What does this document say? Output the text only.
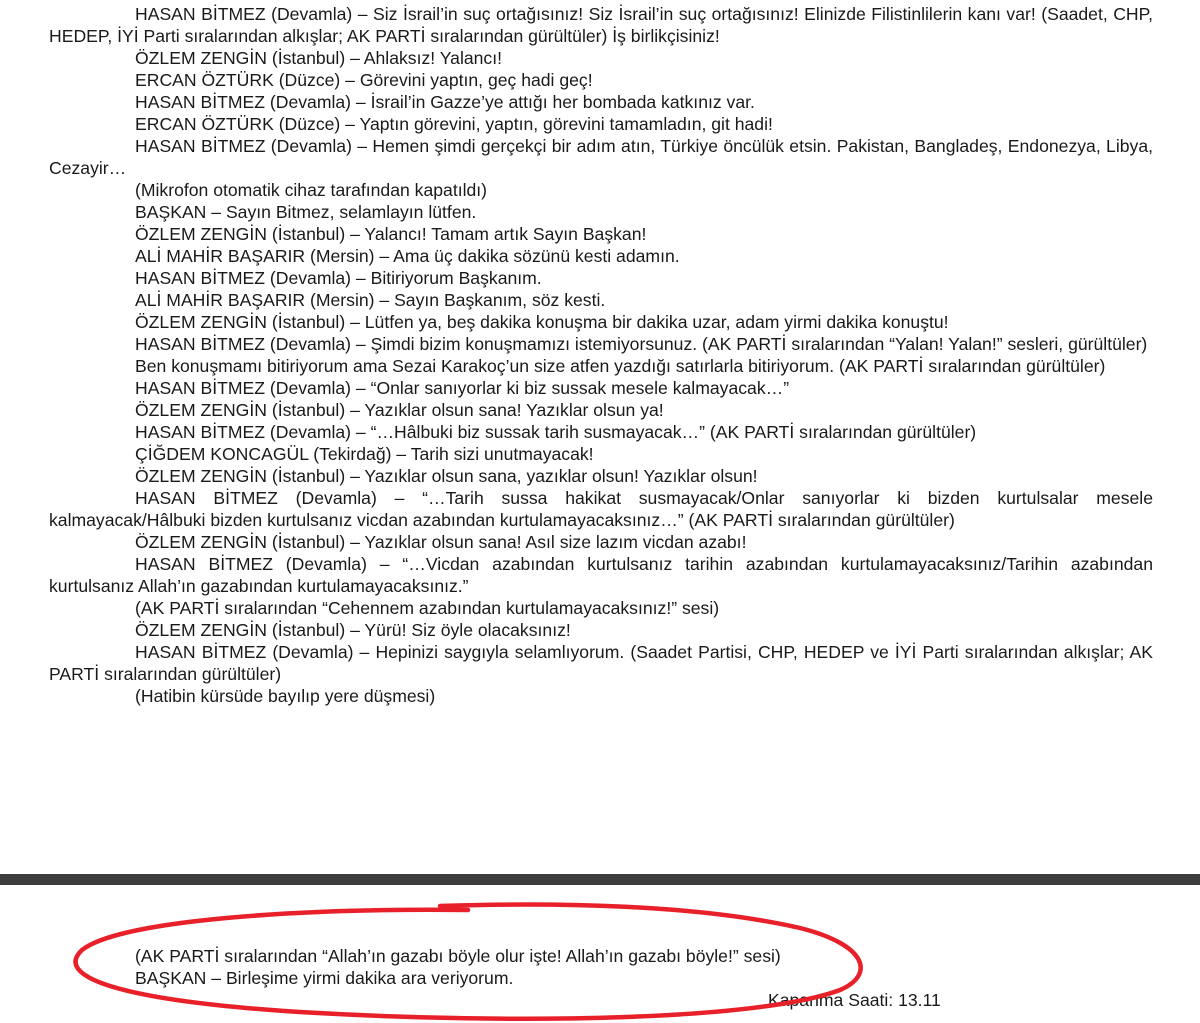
HASAN BİTMEZ (Devamla) – Siz İsrail’in suç ortağısınız! Siz İsrail’in suç ortağısınız! Elinizde Filistinlilerin kanı var! (Saadet, CHP, HEDEP, İYİ Parti sıralarından alkışlar; AK PARTİ sıralarından gürültüler) İş birlikçisiniz!

ÖZLEM ZENGİN (İstanbul) – Ahlaksız! Yalancı!

ERCAN ÖZTÜRK (Düzce) – Görevini yaptın, geç hadi geç!

HASAN BİTMEZ (Devamla) – İsrail’in Gazze’ye attığı her bombada katkınız var.

ERCAN ÖZTÜRK (Düzce) – Yaptın görevini, yaptın, görevini tamamladın, git hadi!

HASAN BİTMEZ (Devamla) – Hemen şimdi gerçekçi bir adım atın, Türkiye öncülük etsin. Pakistan, Bangladeş, Endonezya, Libya, Cezayir…

(Mikrofon otomatik cihaz tarafından kapatıldı)

BAŞKAN – Sayın Bitmez, selamlayın lütfen.

ÖZLEM ZENGİN (İstanbul) – Yalancı! Tamam artık Sayın Başkan!

ALİ MAHİR BAŞARIR (Mersin) – Ama üç dakika sözünü kesti adamın.

HASAN BİTMEZ (Devamla) – Bitiriyorum Başkanım.

ALİ MAHİR BAŞARIR (Mersin) – Sayın Başkanım, söz kesti.

ÖZLEM ZENGİN (İstanbul) – Lütfen ya, beş dakika konuşma bir dakika uzar, adam yirmi dakika konuştu!

HASAN BİTMEZ (Devamla) – Şimdi bizim konuşmamızı istemiyorsunuz. (AK PARTİ sıralarından “Yalan! Yalan!” sesleri, gürültüler)

Ben konuşmamı bitiriyorum ama Sezai Karakoç’un size atfen yazdığı satırlarla bitiriyorum. (AK PARTİ sıralarından gürültüler)

HASAN BİTMEZ (Devamla) – “Onlar sanıyorlar ki biz sussak mesele kalmayacak…”

ÖZLEM ZENGİN (İstanbul) – Yazıklar olsun sana! Yazıklar olsun ya!

HASAN BİTMEZ (Devamla) – “…Hâlbuki biz sussak tarih susmayacak…” (AK PARTİ sıralarından gürültüler)

ÇİĞDEM KONCAGÜL (Tekirdağ) – Tarih sizi unutmayacak!

ÖZLEM ZENGİN (İstanbul) – Yazıklar olsun sana, yazıklar olsun! Yazıklar olsun!

HASAN BİTMEZ (Devamla) – “…Tarih sussa hakikat susmayacak/Onlar sanıyorlar ki bizden kurtulsalar mesele kalmayacak/Hâlbuki bizden kurtulsanız vicdan azabından kurtulamayacaksınız…” (AK PARTİ sıralarından gürültüler)

ÖZLEM ZENGİN (İstanbul) – Yazıklar olsun sana! Asıl size lazım vicdan azabı!

HASAN BİTMEZ (Devamla) – “…Vicdan azabından kurtulsanız tarihin azabından kurtulamayacaksınız/Tarihin azabından kurtulsanız Allah’ın gazabından kurtulamayacaksınız.”

(AK PARTİ sıralarından “Cehennem azabından kurtulamayacaksınız!” sesi)

ÖZLEM ZENGİN (İstanbul) – Yürü! Siz öyle olacaksınız!

HASAN BİTMEZ (Devamla) – Hepinizi saygıyla selamlıyorum. (Saadet Partisi, CHP, HEDEP ve İYİ Parti sıralarından alkışlar; AK PARTİ sıralarından gürültüler)

(Hatibin kürsüde bayılıp yere düşmesi)

(AK PARTİ sıralarından “Allah’ın gazabı böyle olur işte! Allah’ın gazabı böyle!” sesi)

BAŞKAN – Birleşime yirmi dakika ara veriyorum.

Kapanma Saati: 13.11
